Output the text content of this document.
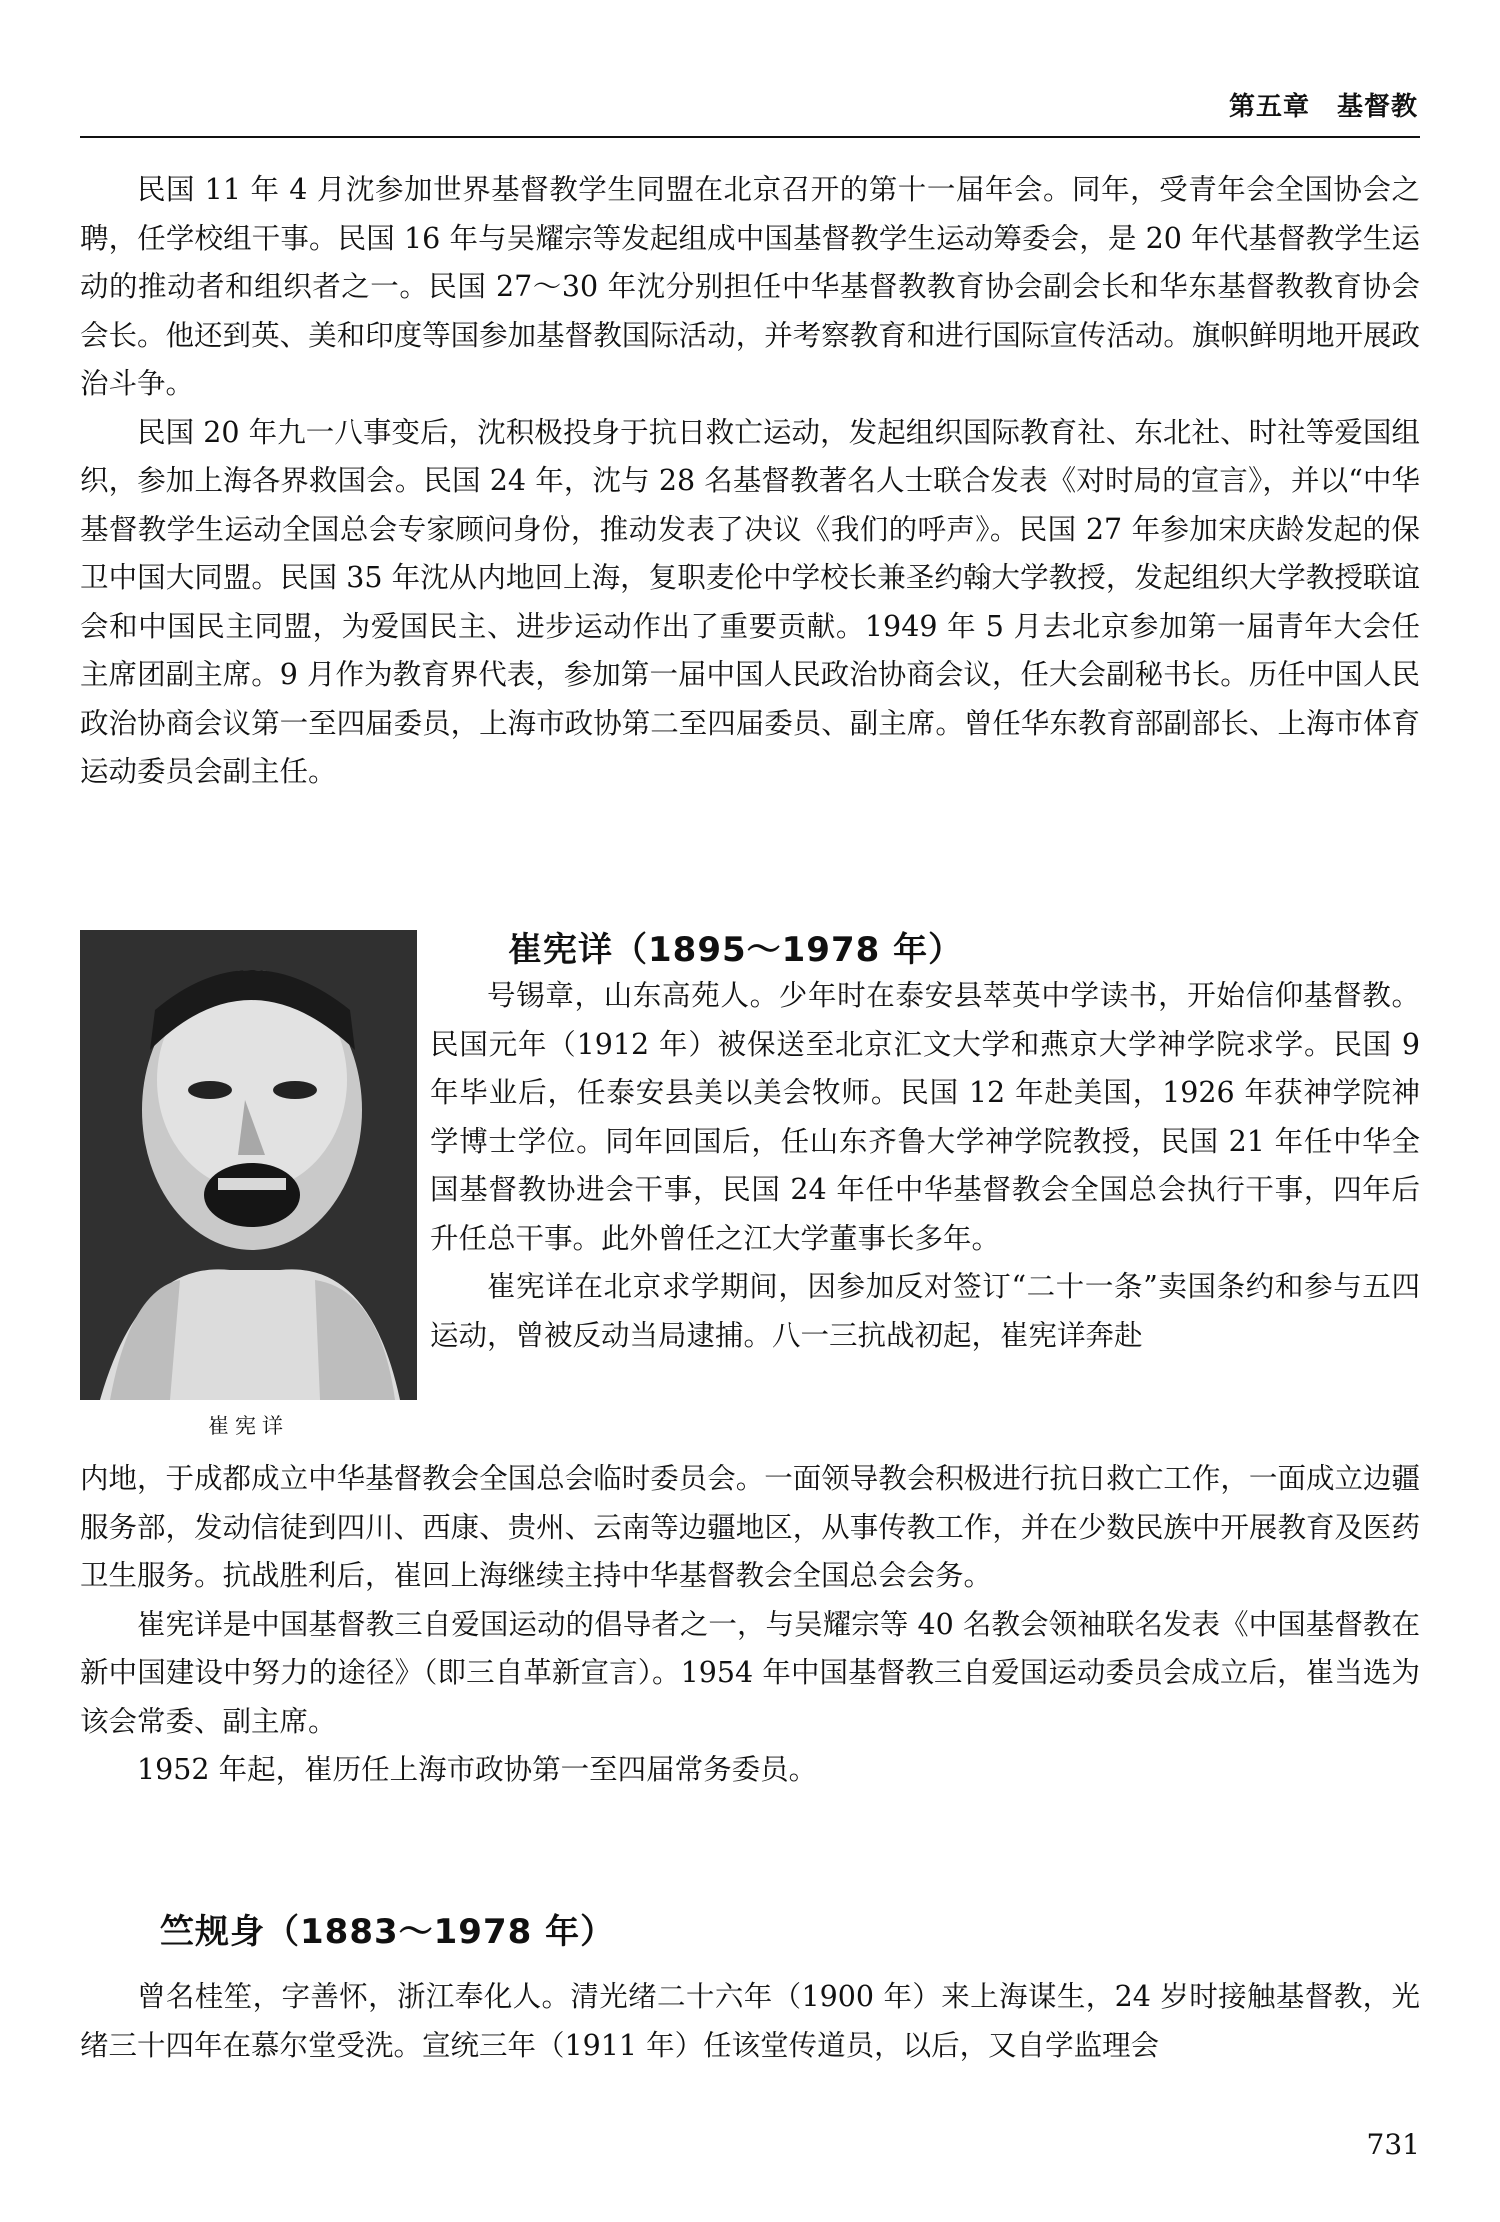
第五章　基督教

民国 11 年 4 月沈参加世界基督教学生同盟在北京召开的第十一届年会。同年，受青年会全国协会之聘，任学校组干事。民国 16 年与吴耀宗等发起组成中国基督教学生运动筹委会，是 20 年代基督教学生运动的推动者和组织者之一。民国 27～30 年沈分别担任中华基督教教育协会副会长和华东基督教教育协会会长。他还到英、美和印度等国参加基督教国际活动，并考察教育和进行国际宣传活动。旗帜鲜明地开展政治斗争。

民国 20 年九一八事变后，沈积极投身于抗日救亡运动，发起组织国际教育社、东北社、时社等爱国组织，参加上海各界救国会。民国 24 年，沈与 28 名基督教著名人士联合发表《对时局的宣言》，并以“中华基督教学生运动全国总会专家顾问身份，推动发表了决议《我们的呼声》。民国 27 年参加宋庆龄发起的保卫中国大同盟。民国 35 年沈从内地回上海，复职麦伦中学校长兼圣约翰大学教授，发起组织大学教授联谊会和中国民主同盟，为爱国民主、进步运动作出了重要贡献。1949 年 5 月去北京参加第一届青年大会任主席团副主席。9 月作为教育界代表，参加第一届中国人民政治协商会议，任大会副秘书长。历任中国人民政治协商会议第一至四届委员，上海市政协第二至四届委员、副主席。曾任华东教育部副部长、上海市体育运动委员会副主任。

崔宪详
崔宪详（1895～1978 年）

号锡章，山东高苑人。少年时在泰安县萃英中学读书，开始信仰基督教。民国元年（1912 年）被保送至北京汇文大学和燕京大学神学院求学。民国 9 年毕业后，任泰安县美以美会牧师。民国 12 年赴美国，1926 年获神学院神学博士学位。同年回国后，任山东齐鲁大学神学院教授，民国 21 年任中华全国基督教协进会干事，民国 24 年任中华基督教会全国总会执行干事，四年后升任总干事。此外曾任之江大学董事长多年。

崔宪详在北京求学期间，因参加反对签订“二十一条”卖国条约和参与五四运动，曾被反动当局逮捕。八一三抗战初起，崔宪详奔赴

内地，于成都成立中华基督教会全国总会临时委员会。一面领导教会积极进行抗日救亡工作，一面成立边疆服务部，发动信徒到四川、西康、贵州、云南等边疆地区，从事传教工作，并在少数民族中开展教育及医药卫生服务。抗战胜利后，崔回上海继续主持中华基督教会全国总会会务。

崔宪详是中国基督教三自爱国运动的倡导者之一，与吴耀宗等 40 名教会领袖联名发表《中国基督教在新中国建设中努力的途径》（即三自革新宣言）。1954 年中国基督教三自爱国运动委员会成立后，崔当选为该会常委、副主席。

1952 年起，崔历任上海市政协第一至四届常务委员。

竺规身（1883～1978 年）

曾名桂笙，字善怀，浙江奉化人。清光绪二十六年（1900 年）来上海谋生，24 岁时接触基督教，光绪三十四年在慕尔堂受洗。宣统三年（1911 年）任该堂传道员，以后，又自学监理会

731
